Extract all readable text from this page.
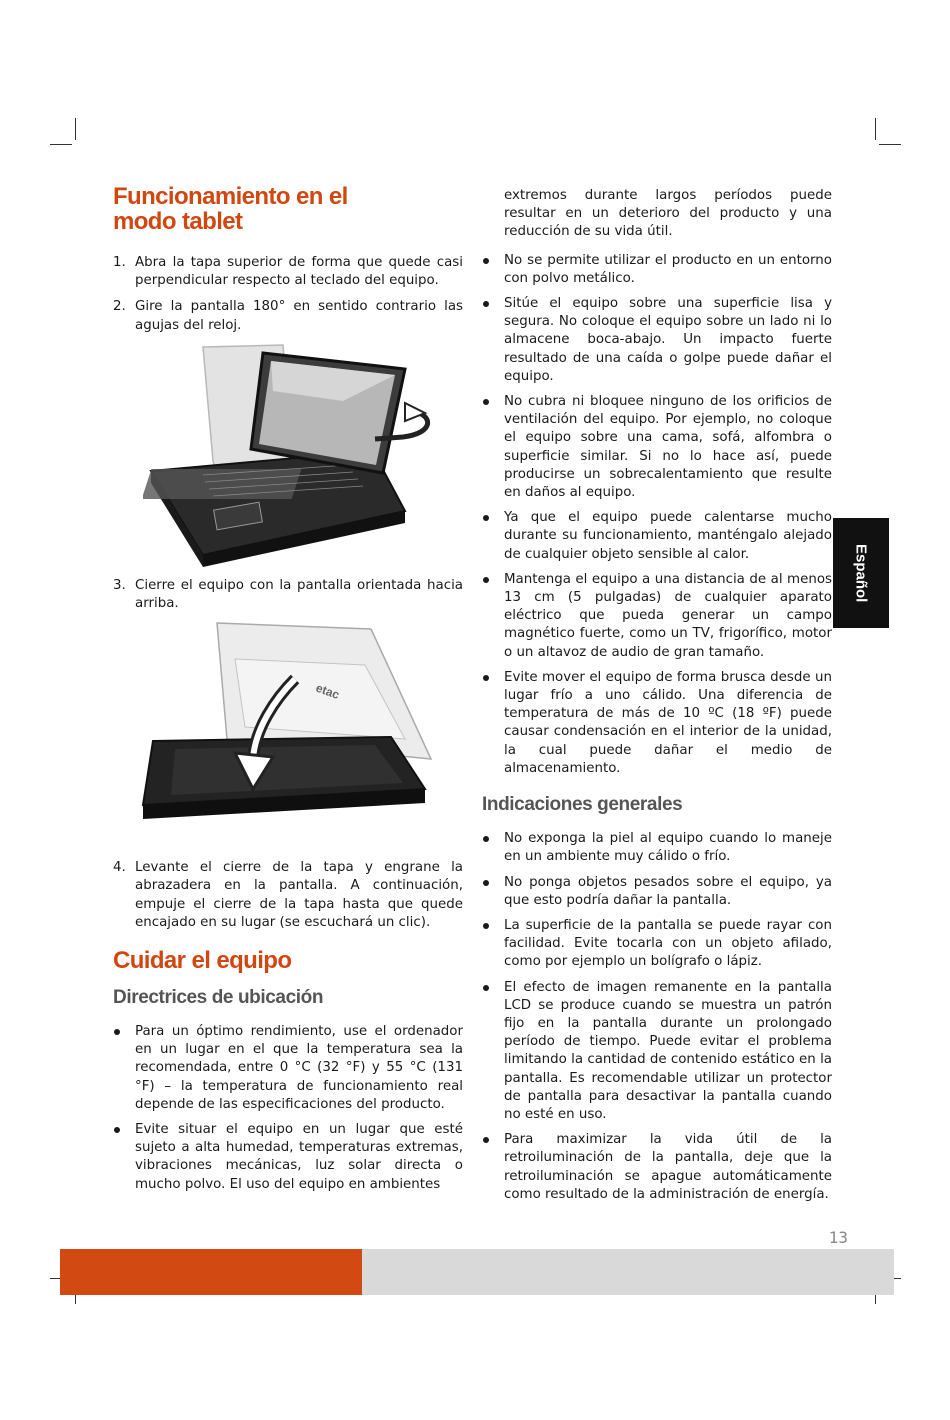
Funcionamiento en el modo tablet
1. Abra la tapa superior de forma que quede casi perpendicular respecto al teclado del equipo.
2. Gire la pantalla 180° en sentido contrario las agujas del reloj.
3. Cierre el equipo con la pantalla orientada hacia arriba.
etac
4. Levante el cierre de la tapa y engrane la abrazadera en la pantalla. A continuación, empuje el cierre de la tapa hasta que quede encajado en su lugar (se escuchará un clic).
Cuidar el equipo
Directrices de ubicación
Para un óptimo rendimiento, use el ordenador en un lugar en el que la temperatura sea la recomendada, entre 0 °C (32 °F) y 55 °C (131 °F) – la temperatura de funcionamiento real depende de las especificaciones del producto.
Evite situar el equipo en un lugar que esté sujeto a alta humedad, temperaturas extremas, vibraciones mecánicas, luz solar directa o mucho polvo. El uso del equipo en ambientes

extremos durante largos períodos puede resultar en un deterioro del producto y una reducción de su vida útil.

No se permite utilizar el producto en un entorno con polvo metálico.
Sitúe el equipo sobre una superficie lisa y segura. No coloque el equipo sobre un lado ni lo almacene boca-abajo. Un impacto fuerte resultado de una caída o golpe puede dañar el equipo.
No cubra ni bloquee ninguno de los orificios de ventilación del equipo. Por ejemplo, no coloque el equipo sobre una cama, sofá, alfombra o superficie similar. Si no lo hace así, puede producirse un sobrecalentamiento que resulte en daños al equipo.
Ya que el equipo puede calentarse mucho durante su funcionamiento, manténgalo alejado de cualquier objeto sensible al calor.
Mantenga el equipo a una distancia de al menos 13 cm (5 pulgadas) de cualquier aparato eléctrico que pueda generar un campo magnético fuerte, como un TV, frigorífico, motor o un altavoz de audio de gran tamaño.
Evite mover el equipo de forma brusca desde un lugar frío a uno cálido. Una diferencia de temperatura de más de 10 ºC (18 ºF) puede causar condensación en el interior de la unidad, la cual puede dañar el medio de almacenamiento.
Indicaciones generales
No exponga la piel al equipo cuando lo maneje en un ambiente muy cálido o frío.
No ponga objetos pesados sobre el equipo, ya que esto podría dañar la pantalla.
La superficie de la pantalla se puede rayar con facilidad. Evite tocarla con un objeto afilado, como por ejemplo un bolígrafo o lápiz.
El efecto de imagen remanente en la pantalla LCD se produce cuando se muestra un patrón fijo en la pantalla durante un prolongado período de tiempo. Puede evitar el problema limitando la cantidad de contenido estático en la pantalla. Es recomendable utilizar un protector de pantalla para desactivar la pantalla cuando no esté en uso.
Para maximizar la vida útil de la retroiluminación de la pantalla, deje que la retroiluminación se apague automáticamente como resultado de la administración de energía.
Español
13
